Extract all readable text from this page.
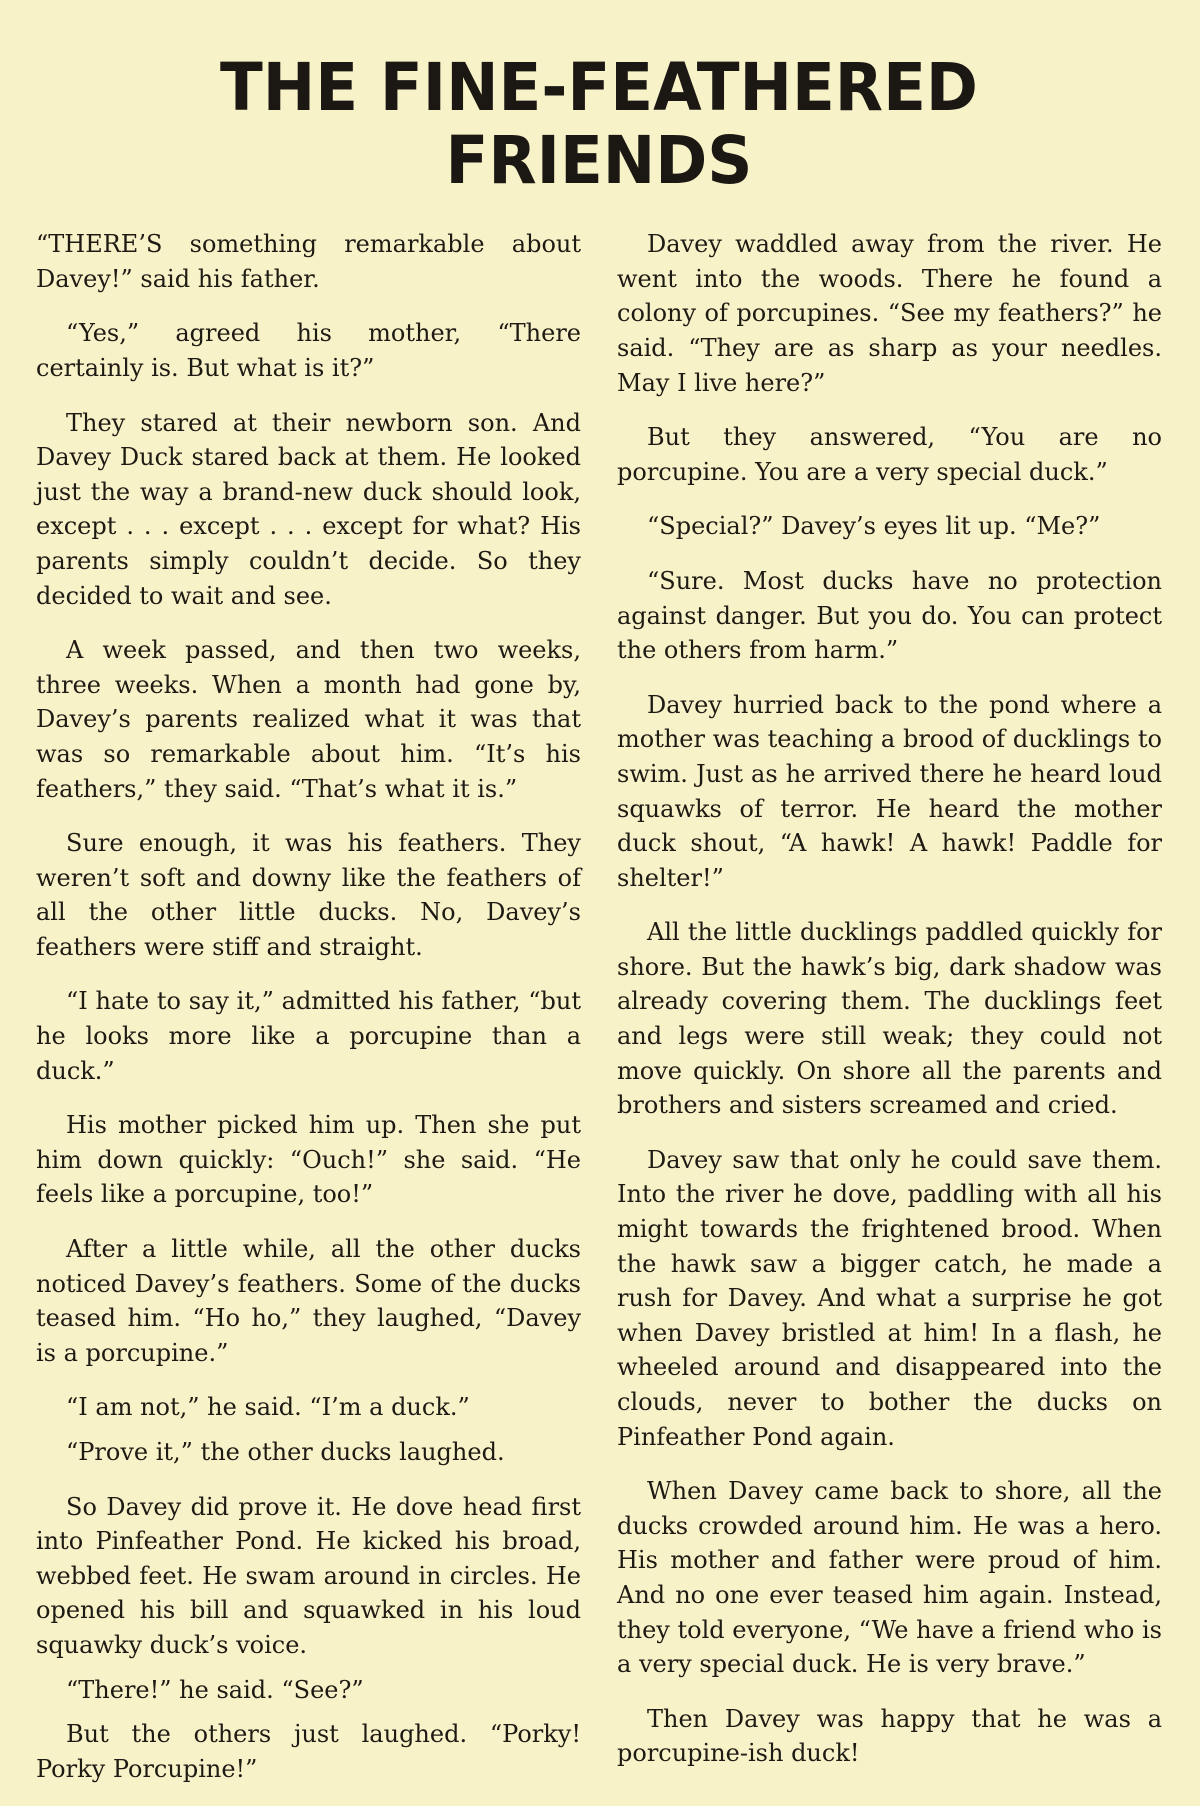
THE FINE-FEATHERED FRIENDS

“THERE’S something remarkable about Davey!” said his father.

“Yes,” agreed his mother, “There certainly is. But what is it?”

They stared at their newborn son. And Davey Duck stared back at them. He looked just the way a brand-new duck should look, except . . . except . . . except for what? His parents simply couldn’t decide. So they decided to wait and see.

A week passed, and then two weeks, three weeks. When a month had gone by, Davey’s parents realized what it was that was so remarkable about him. “It’s his feathers,” they said. “That’s what it is.”

Sure enough, it was his feathers. They weren’t soft and downy like the feathers of all the other little ducks. No, Davey’s feathers were stiff and straight.

“I hate to say it,” admitted his father, “but he looks more like a porcupine than a duck.”

His mother picked him up. Then she put him down quickly: “Ouch!” she said. “He feels like a porcupine, too!”

After a little while, all the other ducks noticed Davey’s feathers. Some of the ducks teased him. “Ho ho,” they laughed, “Davey is a porcupine.”

“I am not,” he said. “I’m a duck.”

“Prove it,” the other ducks laughed.

So Davey did prove it. He dove head first into Pinfeather Pond. He kicked his broad, webbed feet. He swam around in circles. He opened his bill and squawked in his loud squawky duck’s voice.

“There!” he said. “See?”

But the others just laughed. “Porky! Porky Porcupine!”

Davey waddled away from the river. He went into the woods. There he found a colony of porcupines. “See my feathers?” he said. “They are as sharp as your needles. May I live here?”

But they answered, “You are no porcupine. You are a very special duck.”

“Special?” Davey’s eyes lit up. “Me?”

“Sure. Most ducks have no protection against danger. But you do. You can protect the others from harm.”

Davey hurried back to the pond where a mother was teaching a brood of ducklings to swim. Just as he arrived there he heard loud squawks of terror. He heard the mother duck shout, “A hawk! A hawk! Paddle for shelter!”

All the little ducklings paddled quickly for shore. But the hawk’s big, dark shadow was already covering them. The ducklings feet and legs were still weak; they could not move quickly. On shore all the parents and brothers and sisters screamed and cried.

Davey saw that only he could save them. Into the river he dove, paddling with all his might towards the frightened brood. When the hawk saw a bigger catch, he made a rush for Davey. And what a surprise he got when Davey bristled at him! In a flash, he wheeled around and disappeared into the clouds, never to bother the ducks on Pinfeather Pond again.

When Davey came back to shore, all the ducks crowded around him. He was a hero. His mother and father were proud of him. And no one ever teased him again. Instead, they told everyone, “We have a friend who is a very special duck. He is very brave.”

Then Davey was happy that he was a porcupine-ish duck!
